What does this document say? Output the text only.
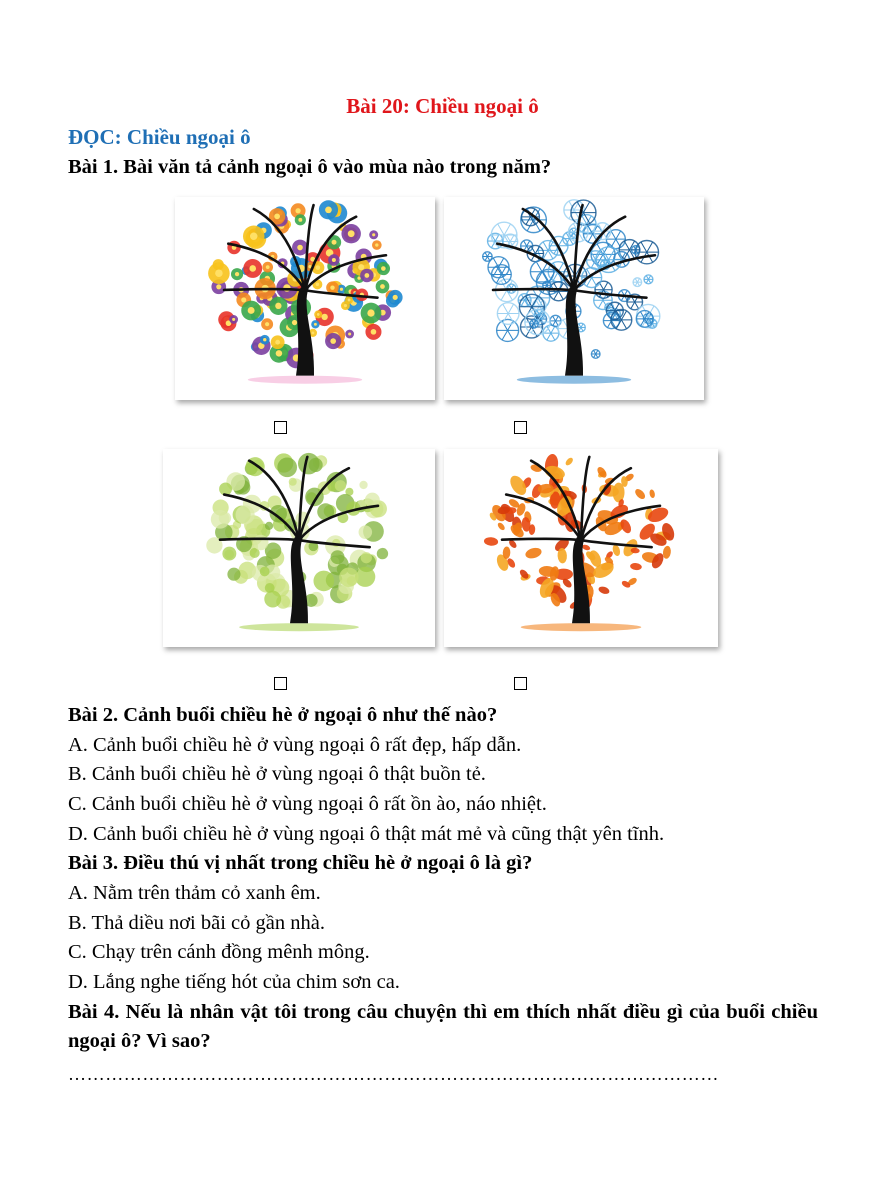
Bài 20: Chiều ngoại ô
ĐỌC: Chiều ngoại ô
Bài 1. Bài văn tả cảnh ngoại ô vào mùa nào trong năm?
Bài 2. Cảnh buổi chiều hè ở ngoại ô như thế nào?
A. Cảnh buổi chiều hè ở vùng ngoại ô rất đẹp, hấp dẫn.
B. Cảnh buổi chiều hè ở vùng ngoại ô thật buồn tẻ.
C. Cảnh buổi chiều hè ở vùng ngoại ô rất ồn ào, náo nhiệt.
D. Cảnh buổi chiều hè ở vùng ngoại ô thật mát mẻ và cũng thật yên tĩnh.
Bài 3. Điều thú vị nhất trong chiều hè ở ngoại ô là gì?
A. Nằm trên thảm cỏ xanh êm.
B. Thả diều nơi bãi cỏ gần nhà.
C. Chạy trên cánh đồng mênh mông.
D. Lắng nghe tiếng hót của chim sơn ca.
Bài 4. Nếu là nhân vật tôi trong câu chuyện thì em thích nhất điều gì của buổi chiều ngoại ô? Vì sao?
……………………………………………………………………………………………
